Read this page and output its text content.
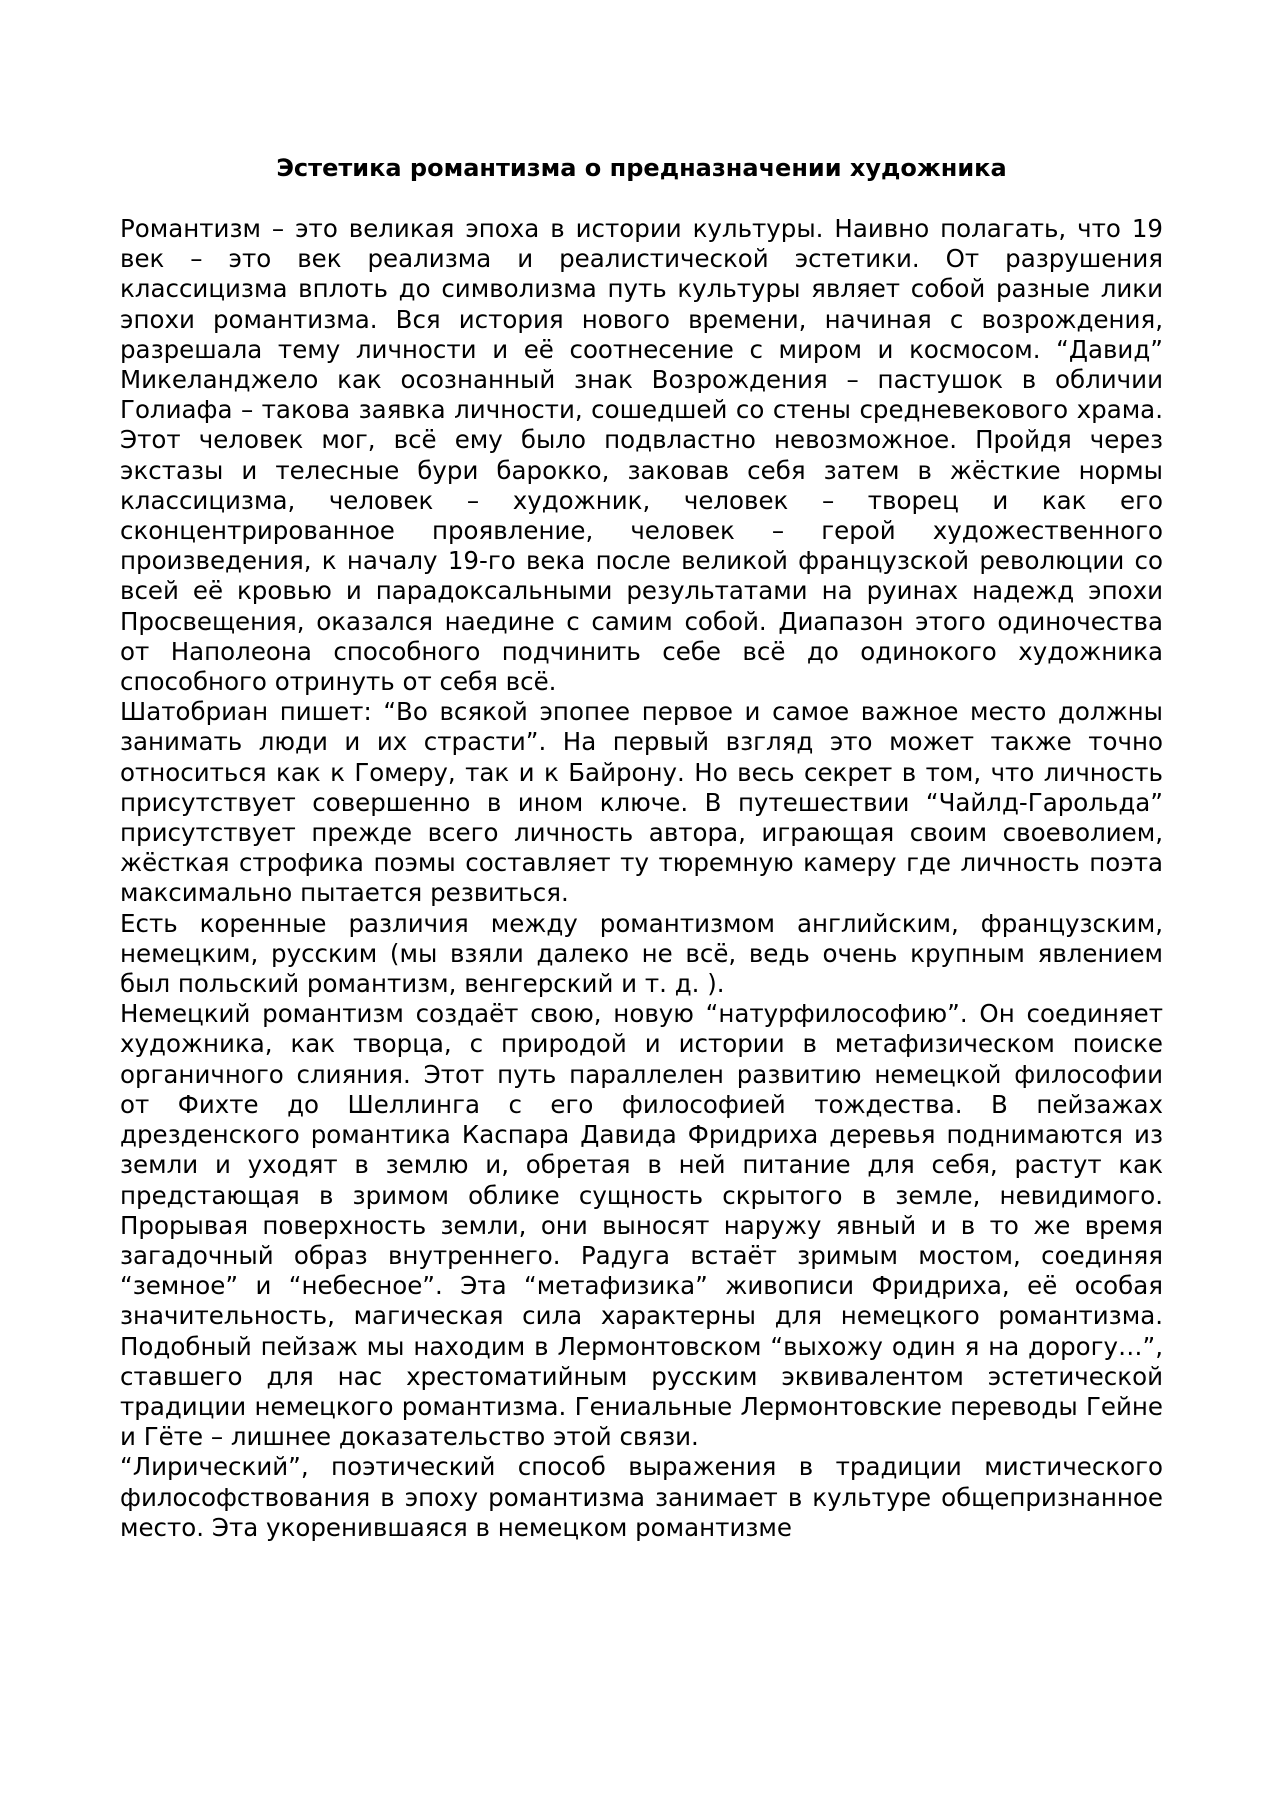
Эстетика романтизма о предназначении художника

Романтизм – это великая эпоха в истории культуры. Наивно полагать, что 19 век – это век реализма и реалистической эстетики. От разрушения классицизма вплоть до символизма путь культуры являет собой разные лики эпохи романтизма. Вся история нового времени, начиная с возрождения, разрешала тему личности и её соотнесение с миром и космосом. “Давид” Микеланджело как осознанный знак Возрождения – пастушок в обличии Голиафа – такова заявка личности, сошедшей со стены средневекового храма. Этот человек мог, всё ему было подвластно невозможное. Пройдя через экстазы и телесные бури барокко, заковав себя затем в жёсткие нормы классицизма, человек – художник, человек – творец и как его сконцентрированное проявление, человек – герой художественного произведения, к началу 19-го века после великой французской революции со всей её кровью и парадоксальными результатами на руинах надежд эпохи Просвещения, оказался наедине с самим собой. Диапазон этого одиночества от Наполеона способного подчинить себе всё до одинокого художника способного отринуть от себя всё.

Шатобриан пишет: “Во всякой эпопее первое и самое важное место должны занимать люди и их страсти”. На первый взгляд это может также точно относиться как к Гомеру, так и к Байрону. Но весь секрет в том, что личность присутствует совершенно в ином ключе. В путешествии “Чайлд-Гарольда” присутствует прежде всего личность автора, играющая своим своеволием, жёсткая строфика поэмы составляет ту тюремную камеру где личность поэта максимально пытается резвиться.

Есть коренные различия между романтизмом английским, французским, немецким, русским (мы взяли далеко не всё, ведь очень крупным явлением был польский романтизм, венгерский и т. д. ).

Немецкий романтизм создаёт свою, новую “натурфилософию”. Он соединяет художника, как творца, с природой и истории в метафизическом поиске органичного слияния. Этот путь параллелен развитию немецкой философии от Фихте до Шеллинга с его философией тождества. В пейзажах дрезденского романтика Каспара Давида Фридриха деревья поднимаются из земли и уходят в землю и, обретая в ней питание для себя, растут как предстающая в зримом облике сущность скрытого в земле, невидимого. Прорывая поверхность земли, они выносят наружу явный и в то же время загадочный образ внутреннего. Радуга встаёт зримым мостом, соединяя “земное” и “небесное”. Эта “метафизика” живописи Фридриха, её особая значительность, магическая сила характерны для немецкого романтизма. Подобный пейзаж мы находим в Лермонтовском “выхожу один я на дорогу…”, ставшего для нас хрестоматийным русским эквивалентом эстетической традиции немецкого романтизма. Гениальные Лермонтовские переводы Гейне и Гёте – лишнее доказательство этой связи.

“Лирический”, поэтический способ выражения в традиции мистического философствования в эпоху романтизма занимает в культуре общепризнанное место. Эта укоренившаяся в немецком романтизме
